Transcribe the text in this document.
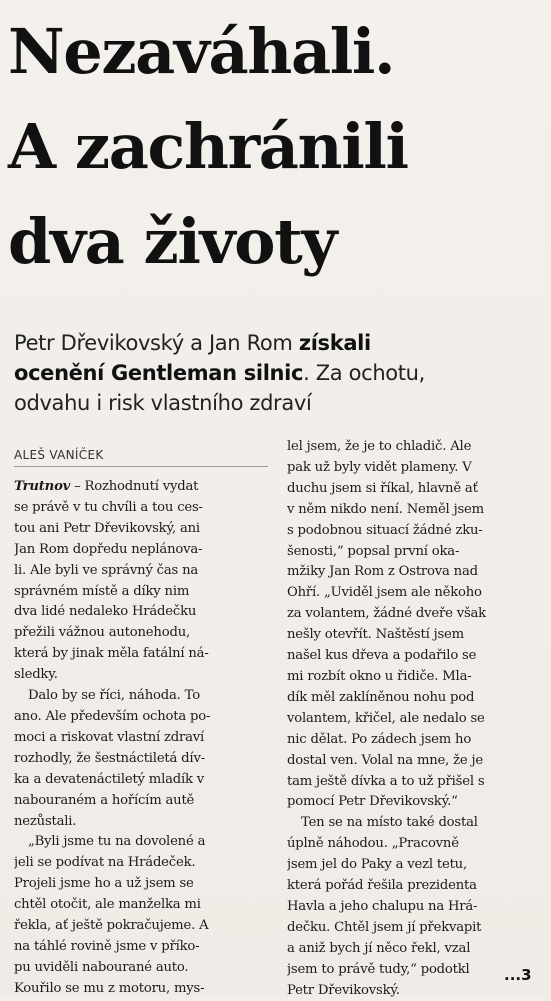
Nezaváhali.
A zachránili
dva životy
Petr Dřevikovský a Jan Rom získali
ocenění Gentleman silnic. Za ochotu,
odvahu i risk vlastního zdraví
ALEŠ VANÍČEK
Trutnov – Rozhodnutí vydat
se právě v tu chvíli a tou ces-
tou ani Petr Dřevikovský, ani
Jan Rom dopředu neplánova-
li. Ale byli ve správný čas na
správném místě a díky nim
dva lidé nedaleko Hrádečku
přežili vážnou autonehodu,
která by jinak měla fatální ná-
sledky.
Dalo by se říci, náhoda. To
ano. Ale především ochota po-
moci a riskovat vlastní zdraví
rozhodly, že šestnáctiletá dív-
ka a devatenáctiletý mladík v
nabouraném a hořícím autě
nezůstali.
„Byli jsme tu na dovolené a
jeli se podívat na Hrádeček.
Projeli jsme ho a už jsem se
chtěl otočit, ale manželka mi
řekla, ať ještě pokračujeme. A
na táhlé rovině jsme v příko-
pu uviděli nabourané auto.
Kouřilo se mu z motoru, mys-
lel jsem, že je to chladič. Ale
pak už byly vidět plameny. V
duchu jsem si říkal, hlavně ať
v něm nikdo není. Neměl jsem
s podobnou situací žádné zku-
šenosti,“ popsal první oka-
mžiky Jan Rom z Ostrova nad
Ohří. „Uviděl jsem ale někoho
za volantem, žádné dveře však
nešly otevřít. Naštěstí jsem
našel kus dřeva a podařilo se
mi rozbít okno u řidiče. Mla-
dík měl zaklíněnou nohu pod
volantem, křičel, ale nedalo se
nic dělat. Po zádech jsem ho
dostal ven. Volal na mne, že je
tam ještě dívka a to už přišel s
pomocí Petr Dřevikovský.“
Ten se na místo také dostal
úplně náhodou. „Pracovně
jsem jel do Paky a vezl tetu,
která pořád řešila prezidenta
Havla a jeho chalupu na Hrá-
dečku. Chtěl jsem jí překvapit
a aniž bych jí něco řekl, vzal
jsem to právě tudy,“ podotkl
Petr Dřevikovský.
...3
